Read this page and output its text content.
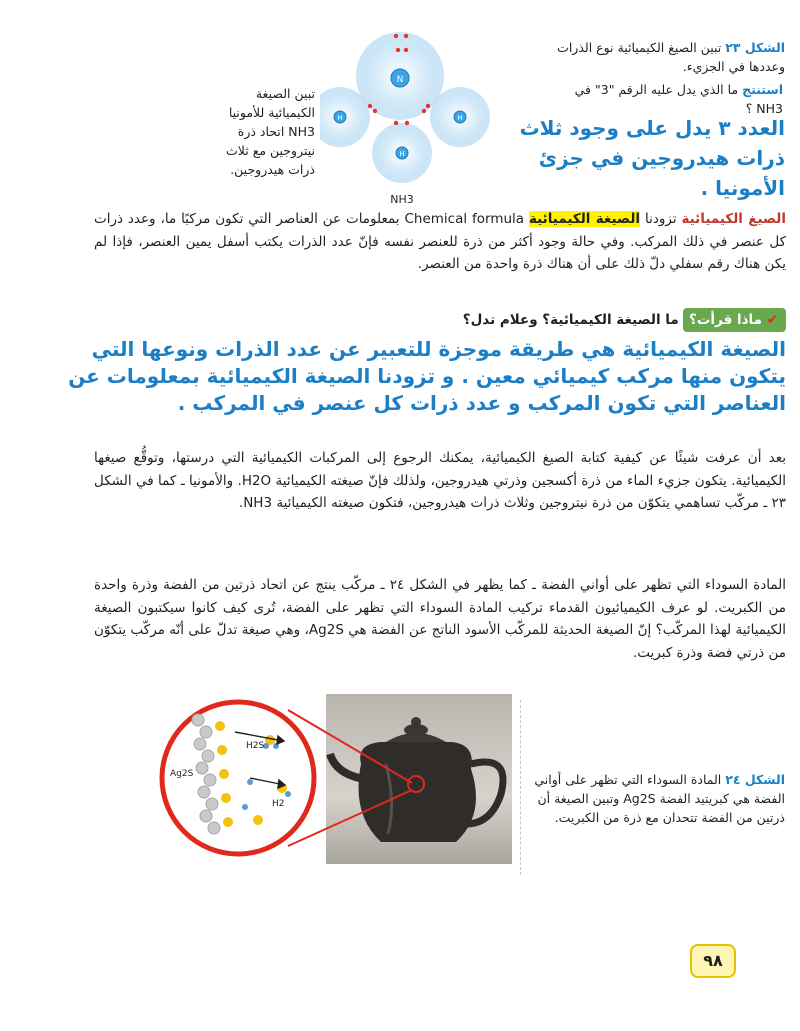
الشكل ٢٣ تبين الصيغ الكيميائية نوع الذرات وعددها في الجزيء.
استنتج ما الذي يدل عليه الرقم "3" في NH3 ؟
العدد ٣ يدل على وجود ثلاث ذرات هيدروجين في جزئ الأمونيا .
N
H	H
H
NH3
تبين الصيغة الكيميائية للأمونيا NH3 اتحاد ذرة نيتروجين مع ثلاث ذرات هيدروجين.
الصيغ الكيميائية تزودنا الصيغة الكيميائية Chemical formula بمعلومات عن العناصر التي تكون مركبًا ما، وعدد ذرات كل عنصر في ذلك المركب. وفي حالة وجود أكثر من ذرة للعنصر نفسه فإنّ عدد الذرات يكتب أسفل يمين العنصر، فإذا لم يكن هناك رقم سفلي دلّ ذلك على أن هناك ذرة واحدة من العنصر.
✔ ماذا قرأت؟ ما الصيغة الكيميائية؟ وعلام تدل؟
الصيغة الكيميائية هي طريقة موجزة للتعبير عن عدد الذرات ونوعها التي يتكون منها مركب كيميائي معين . و تزودنا الصيغة الكيميائية بمعلومات عن العناصر التي تكون المركب و عدد ذرات كل عنصر في المركب .
بعد أن عرفت شيئًا عن كيفية كتابة الصيغ الكيميائية، يمكنك الرجوع إلى المركبات الكيميائية التي درستها، وتوقُّع صيغها الكيميائية. يتكون جزيء الماء من ذرة أكسجين وذرتي هيدروجين، ولذلك فإنّ صيغته الكيميائية H2O. والأمونيا ـ كما في الشكل ٢٣ ـ مركّب تساهمي يتكوّن من ذرة نيتروجين وثلاث ذرات هيدروجين، فتكون صيغته الكيميائية NH3.
المادة السوداء التي تظهر على أواني الفضة ـ كما يظهر في الشكل ٢٤ ـ مركّب ينتج عن اتحاد ذرتين من الفضة وذرة واحدة من الكبريت. لو عرف الكيميائيون القدماء تركيب المادة السوداء التي تظهر على الفضة، تُرى كيف كانوا سيكتبون الصيغة الكيميائية لهذا المركّب؟ إنّ الصيغة الحديثة للمركّب الأسود الناتج عن الفضة هي Ag2S، وهي صيغة تدلّ على أنّه مركّب يتكوّن من ذرتي فضة وذرة كبريت.
H2S
Ag2S
H2
الشكل ٢٤ المادة السوداء التي تظهر على أواني الفضة هي كبريتيد الفضة Ag2S وتبين الصيغة أن ذرتين من الفضة تتحدان مع ذرة من الكبريت.
٩٨
